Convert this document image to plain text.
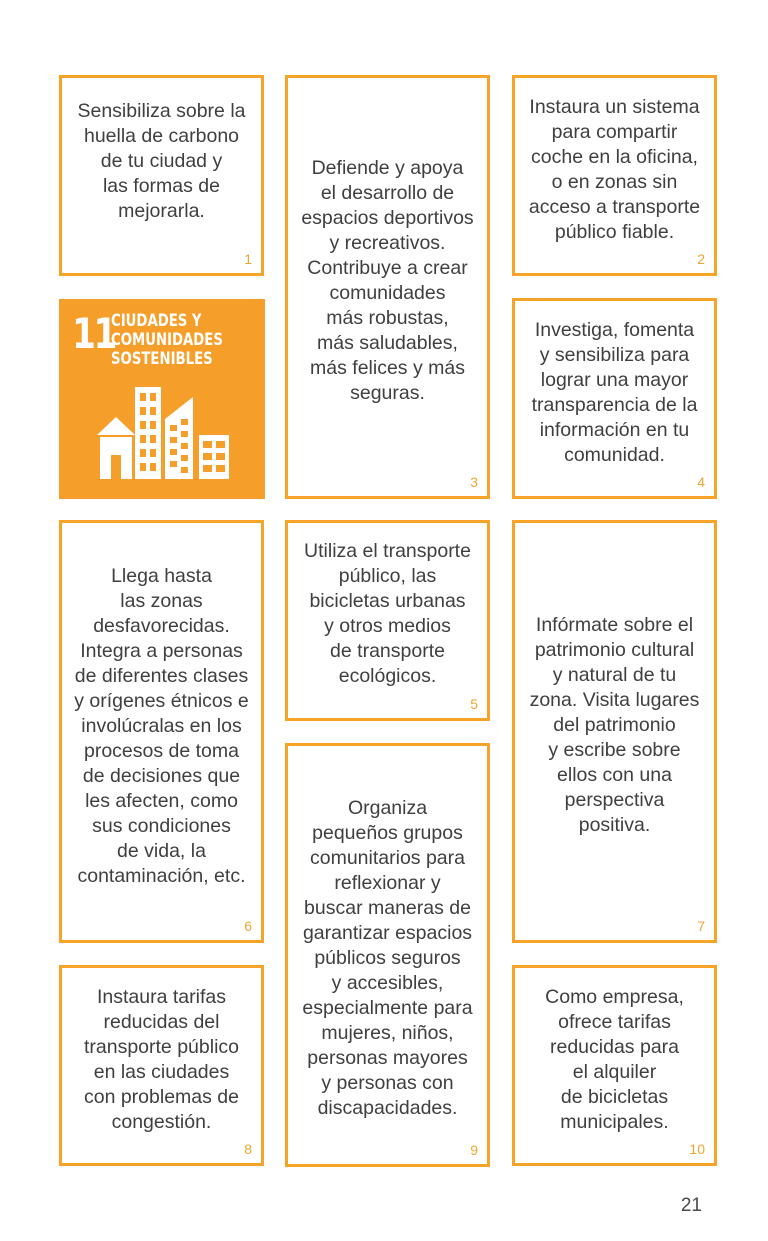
Sensibiliza sobre la
huella de carbono
de tu ciudad y
las formas de
mejorarla.
1
Instaura un sistema
para compartir
coche en la oficina,
o en zonas sin
acceso a transporte
público fiable.
2
Defiende y apoya
el desarrollo de
espacios deportivos
y recreativos.
Contribuye a crear
comunidades
más robustas,
más saludables,
más felices y más
seguras.
3
11
CIUDADES Y
COMUNIDADES
SOSTENIBLES
Investiga, fomenta
y sensibiliza para
lograr una mayor
transparencia de la
información en tu
comunidad.
4
Utiliza el transporte
público, las
bicicletas urbanas
y otros medios
de transporte
ecológicos.
5
Llega hasta
las zonas
desfavorecidas.
Integra a personas
de diferentes clases
y orígenes étnicos e
involúcralas en los
procesos de toma
de decisiones que
les afecten, como
sus condiciones
de vida, la
contaminación, etc.
6
Infórmate sobre el
patrimonio cultural
y natural de tu
zona. Visita lugares
del patrimonio
y escribe sobre
ellos con una
perspectiva
positiva.
7
Instaura tarifas
reducidas del
transporte público
en las ciudades
con problemas de
congestión.
8
Organiza
pequeños grupos
comunitarios para
reflexionar y
buscar maneras de
garantizar espacios
públicos seguros
y accesibles,
especialmente para
mujeres, niños,
personas mayores
y personas con
discapacidades.
9
Como empresa,
ofrece tarifas
reducidas para
el alquiler
de bicicletas
municipales.
10
21
